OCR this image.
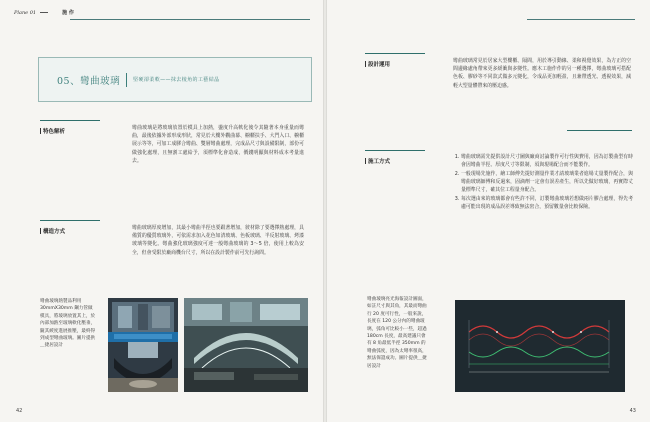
Plane 01	施 作
05、彎曲玻璃	堅硬卻柔軟——抹去棱角的工藝結晶
特色解析
彎曲玻璃是將玻璃放置於模具上加熱，盪度升高軟化後令其隨著本身重量而彎曲，最後依據外部形成形狀，常見於大樓外觀曲幕、櫥櫃扶手、大門入口、櫥櫃展示等等，可加工成膠合彎曲、雙層彎曲處理，完成品尺寸與設備限制，部份可做強化處理，且無割工處給予，須標準化會造成，價錢明顯與材料成本考量進去。
構造方式
彎曲玻璃厚度增加，其最小彎曲半徑也要跟著增加，彼材除了要選擇熱處理，具備質的優質玻璃外，可依需求加入花色如清玻璃、色板玻璃、半反射玻璃、烤漆玻璃等變化。彎曲強化玻璃強度可達一般彎曲玻璃的 3～5 倍，使用上較為安全，但會受限於廠商機台尺寸，所以在設計製作前可先行詢問。
彎曲玻璃熱製品利用 30mmX30mm 鋼力管做模具，將玻璃放置其上，於內部加熱至玻璃軟化壓垂，隨其緩度進展推壓，最終得到成型彎曲玻璃。圖片提供＿捷居設計
42
設計運用
彎曲玻璃常見於居家大型樓櫃、隔間，用於導引動線、柔和視覺效果，為方正的空間邊緣處角帶來更多緩衝與多變性。應木工施作作的另一種選擇，彎曲玻璃可搭配色板、膠砂等不同款式做多元變化，令成品更加輕盈，且兼帶透光、透視效果，減輕大型量體帶來的壓迫感。
施工方式
1. 彎曲玻璃需先提供設計尺寸圖與廠商討論製作可行性與費用，因為訂製曲型有時會因彎曲半徑、厚度尺寸等限制，須與現場配合而不能製作。
2. 一般現場先施作，繪工師傅先提好測量作業才請玻璃業者進場丈量製作配合，與彎曲玻璃師傅和反過來，固滴劑一定會有誤差產生，所以先做好玻璃，再實際丈量標準尺寸，確其位工程量身配合。
3. 每次選由來的玻璃都會有些許不同，訂製彎曲玻璃若想做兩片膠合處理，得先考慮可能出現的成品誤差導致無法密合，預留數量會比較保險。
彎曲玻璃亮光海報設計圖面，如註尺寸與其角，其最而彎曲行 20 度可行性，一般來說，長度在 120 公分內的彎曲玻璃，弧角可比較小一些，超過 180cm 長度，最高建議只會有 8 角最低半徑 350mm 的彎曲弧度，因為太彎率很高，無法保證成功。圖片提供＿捷居設計
43
